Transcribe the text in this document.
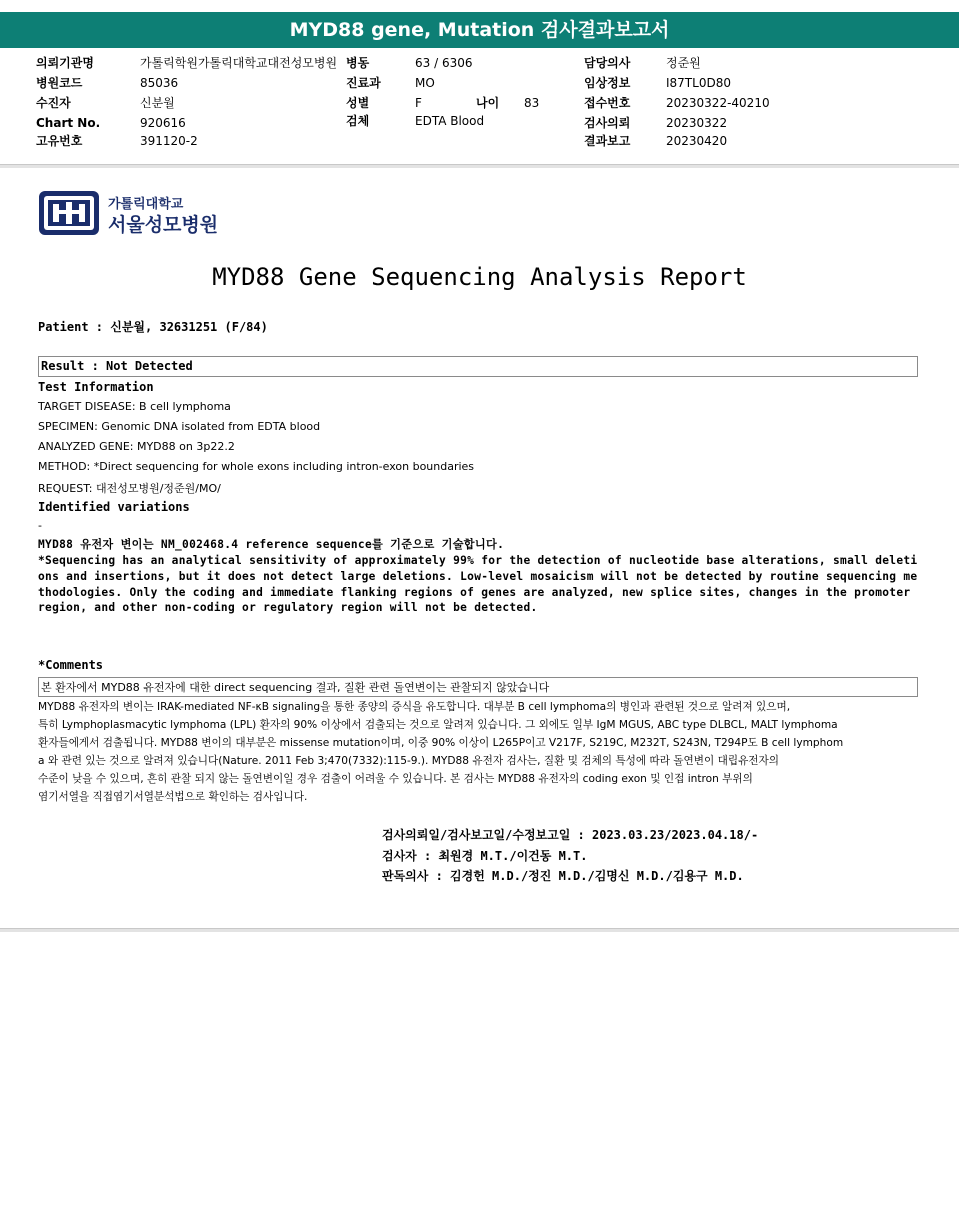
MYD88 gene, Mutation 검사결과보고서
의뢰기관명	가톨릭학원가톨릭대학교대전성모병원
병원코드	85036
수진자	신분월
Chart No.	920616
고유번호	391120-2
병동	63 / 6306
진료과	MO
성별	F	나이 83
검체	EDTA Blood
담당의사	정준원
임상정보	I87TL0D80
접수번호	20230322-40210
검사의뢰	20230322
결과보고	20230420
가톨릭대학교
서울성모병원
MYD88 Gene Sequencing Analysis Report
Patient : 신분월, 32631251 (F/84)
Result : Not Detected
Test Information
TARGET DISEASE: B cell lymphoma
SPECIMEN: Genomic DNA isolated from EDTA blood
ANALYZED GENE: MYD88 on 3p22.2
METHOD: *Direct sequencing for whole exons including intron-exon boundaries
REQUEST: 대전성모병원/정준원/MO/
Identified variations
-
MYD88 유전자 변이는 NM_002468.4 reference sequence를 기준으로 기술합니다.
*Sequencing has an analytical sensitivity of approximately 99% for the detection of nucleotide base alterations, small deleti
ons and insertions, but it does not detect large deletions. Low-level mosaicism will not be detected by routine sequencing me
thodologies. Only the coding and immediate flanking regions of genes are analyzed, new splice sites, changes in the promoter
region, and other non-coding or regulatory region will not be detected.
*Comments
본 환자에서 MYD88 유전자에 대한 direct sequencing 결과, 질환 관련 돌연변이는 관찰되지 않았습니다
MYD88 유전자의 변이는 IRAK-mediated NF-κB signaling을 통한 종양의 증식을 유도합니다. 대부분 B cell lymphoma의 병인과 관련된 것으로 알려져 있으며,
특히 Lymphoplasmacytic lymphoma (LPL) 환자의 90% 이상에서 검출되는 것으로 알려져 있습니다. 그 외에도 일부 IgM MGUS, ABC type DLBCL, MALT lymphoma
환자들에게서 검출됩니다. MYD88 변이의 대부분은 missense mutation이며, 이중 90% 이상이 L265P이고 V217F, S219C, M232T, S243N, T294P도 B cell lymphom
a 와 관련 있는 것으로 알려져 있습니다(Nature. 2011 Feb 3;470(7332):115-9.). MYD88 유전자 검사는, 질환 및 검체의 특성에 따라 돌연변이 대립유전자의
수준이 낮을 수 있으며, 흔히 관찰 되지 않는 돌연변이일 경우 검출이 어려울 수 있습니다. 본 검사는 MYD88 유전자의 coding exon 및 인접 intron 부위의
염기서열을 직접염기서열분석법으로 확인하는 검사입니다.
검사의뢰일/검사보고일/수정보고일 : 2023.03.23/2023.04.18/-
검사자 : 최원경 M.T./이건동 M.T.
판독의사 : 김경헌 M.D./정진 M.D./김명신 M.D./김용구 M.D.
